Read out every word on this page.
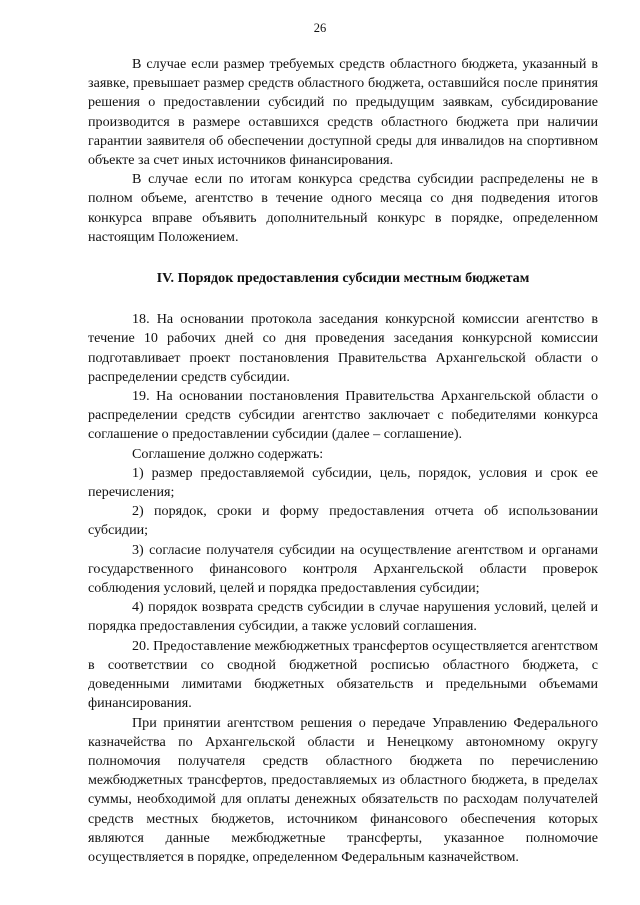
26

В случае если размер требуемых средств областного бюджета, указанный в заявке, превышает размер средств областного бюджета, оставшийся после принятия решения о предоставлении субсидий по предыдущим заявкам, субсидирование производится в размере оставшихся средств областного бюджета при наличии гарантии заявителя об обеспечении доступной среды для инвалидов на спортивном объекте за счет иных источников финансирования.

В случае если по итогам конкурса средства субсидии распределены не в полном объеме, агентство в течение одного месяца со дня подведения итогов конкурса вправе объявить дополнительный конкурс в порядке, определенном настоящим Положением.

IV. Порядок предоставления субсидии местным бюджетам

18. На основании протокола заседания конкурсной комиссии агентство в течение 10 рабочих дней со дня проведения заседания конкурсной комиссии подготавливает проект постановления Правительства Архангельской области о распределении средств субсидии.

19. На основании постановления Правительства Архангельской области о распределении средств субсидии агентство заключает с победителями конкурса соглашение о предоставлении субсидии (далее – соглашение).

Соглашение должно содержать:

1) размер предоставляемой субсидии, цель, порядок, условия и срок ее перечисления;

2) порядок, сроки и форму предоставления отчета об использовании субсидии;

3) согласие получателя субсидии на осуществление агентством и органами государственного финансового контроля Архангельской области проверок соблюдения условий, целей и порядка предоставления субсидии;

4) порядок возврата средств субсидии в случае нарушения условий, целей и порядка предоставления субсидии, а также условий соглашения.

20. Предоставление межбюджетных трансфертов осуществляется агентством в соответствии со сводной бюджетной росписью областного бюджета, с доведенными лимитами бюджетных обязательств и предельными объемами финансирования.

При принятии агентством решения о передаче Управлению Федерального казначейства по Архангельской области и Ненецкому автономному округу полномочия получателя средств областного бюджета по перечислению межбюджетных трансфертов, предоставляемых из областного бюджета, в пределах суммы, необходимой для оплаты денежных обязательств по расходам получателей средств местных бюджетов, источником финансового обеспечения которых являются данные межбюджетные трансферты, указанное полномочие осуществляется в порядке, определенном Федеральным казначейством.
